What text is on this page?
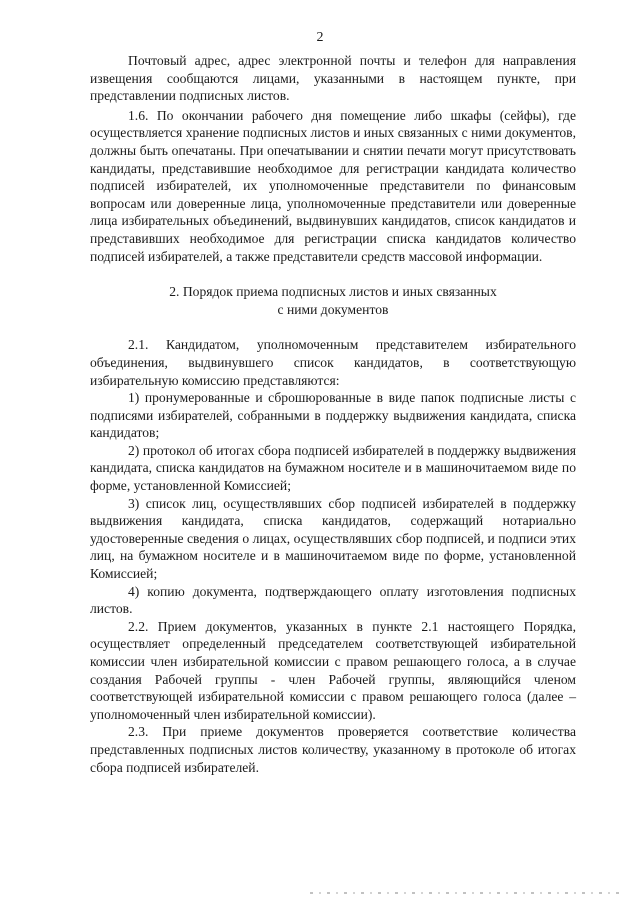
2

Почтовый адрес, адрес электронной почты и телефон для направления извещения сообщаются лицами, указанными в настоящем пункте, при представлении подписных листов.

1.6. По окончании рабочего дня помещение либо шкафы (сейфы), где осуществляется хранение подписных листов и иных связанных с ними документов, должны быть опечатаны. При опечатывании и снятии печати могут присутствовать кандидаты, представившие необходимое для регистрации кандидата количество подписей избирателей, их уполномоченные представители по финансовым вопросам или доверенные лица, уполномоченные представители или доверенные лица избирательных объединений, выдвинувших кандидатов, список кандидатов и представивших необходимое для регистрации списка кандидатов количество подписей избирателей, а также представители средств массовой информации.

2. Порядок приема подписных листов и иных связанных
с ними документов

2.1. Кандидатом, уполномоченным представителем избирательного объединения, выдвинувшего список кандидатов, в соответствующую избирательную комиссию представляются:

1) пронумерованные и сброшюрованные в виде папок подписные листы с подписями избирателей, собранными в поддержку выдвижения кандидата, списка кандидатов;

2) протокол об итогах сбора подписей избирателей в поддержку выдвижения кандидата, списка кандидатов на бумажном носителе и в машиночитаемом виде по форме, установленной Комиссией;

3) список лиц, осуществлявших сбор подписей избирателей в поддержку выдвижения кандидата, списка кандидатов, содержащий нотариально удостоверенные сведения о лицах, осуществлявших сбор подписей, и подписи этих лиц, на бумажном носителе и в машиночитаемом виде по форме, установленной Комиссией;

4) копию документа, подтверждающего оплату изготовления подписных листов.

2.2. Прием документов, указанных в пункте 2.1 настоящего Порядка, осуществляет определенный председателем соответствующей избирательной комиссии член избирательной комиссии с правом решающего голоса, а в случае создания Рабочей группы - член Рабочей группы, являющийся членом соответствующей избирательной комиссии с правом решающего голоса (далее – уполномоченный член избирательной комиссии).

2.3. При приеме документов проверяется соответствие количества представленных подписных листов количеству, указанному в протоколе об итогах сбора подписей избирателей.
